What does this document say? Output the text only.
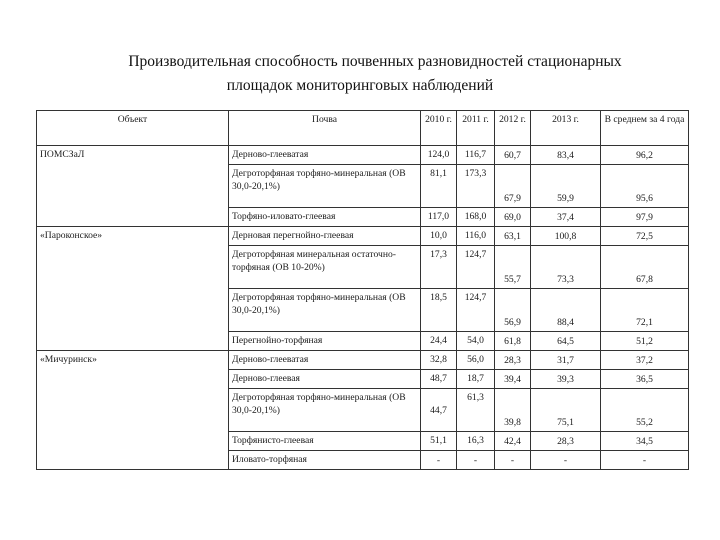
Производительная способность почвенных разновидностей стационарных
площадок мониторинговых наблюдений
Объект	Почва	2010 г.	2011 г.	2012 г.	2013 г.	В среднем за 4 года
ПОМСЗаЛ	Дерново-глееватая	124,0	116,7	60,7	83,4	96,2
	Дегроторфяная торфяно-минеральная (ОВ 30,0-20,1%)	81,1	173,3	67,9	59,9	95,6
	Торфяно-иловато-глеевая	117,0	168,0	69,0	37,4	97,9
«Пароконское»	Дерновая перегнойно-глеевая	10,0	116,0	63,1	100,8	72,5
	Дегроторфяная минеральная остаточно-торфяная (ОВ 10-20%)	17,3	124,7	55,7	73,3	67,8
	Дегроторфяная торфяно-минеральная (ОВ 30,0-20,1%)	18,5	124,7	56,9	88,4	72,1
	Перегнойно-торфяная	24,4	54,0	61,8	64,5	51,2
«Мичуринск»	Дерново-глееватая	32,8	56,0	28,3	31,7	37,2
	Дерново-глеевая	48,7	18,7	39,4	39,3	36,5
	Дегроторфяная торфяно-минеральная (ОВ 30,0-20,1%)	44,7	61,3	39,8	75,1	55,2
	Торфянисто-глеевая	51,1	16,3	42,4	28,3	34,5
	Иловато-торфяная	-	-	-	-	-
